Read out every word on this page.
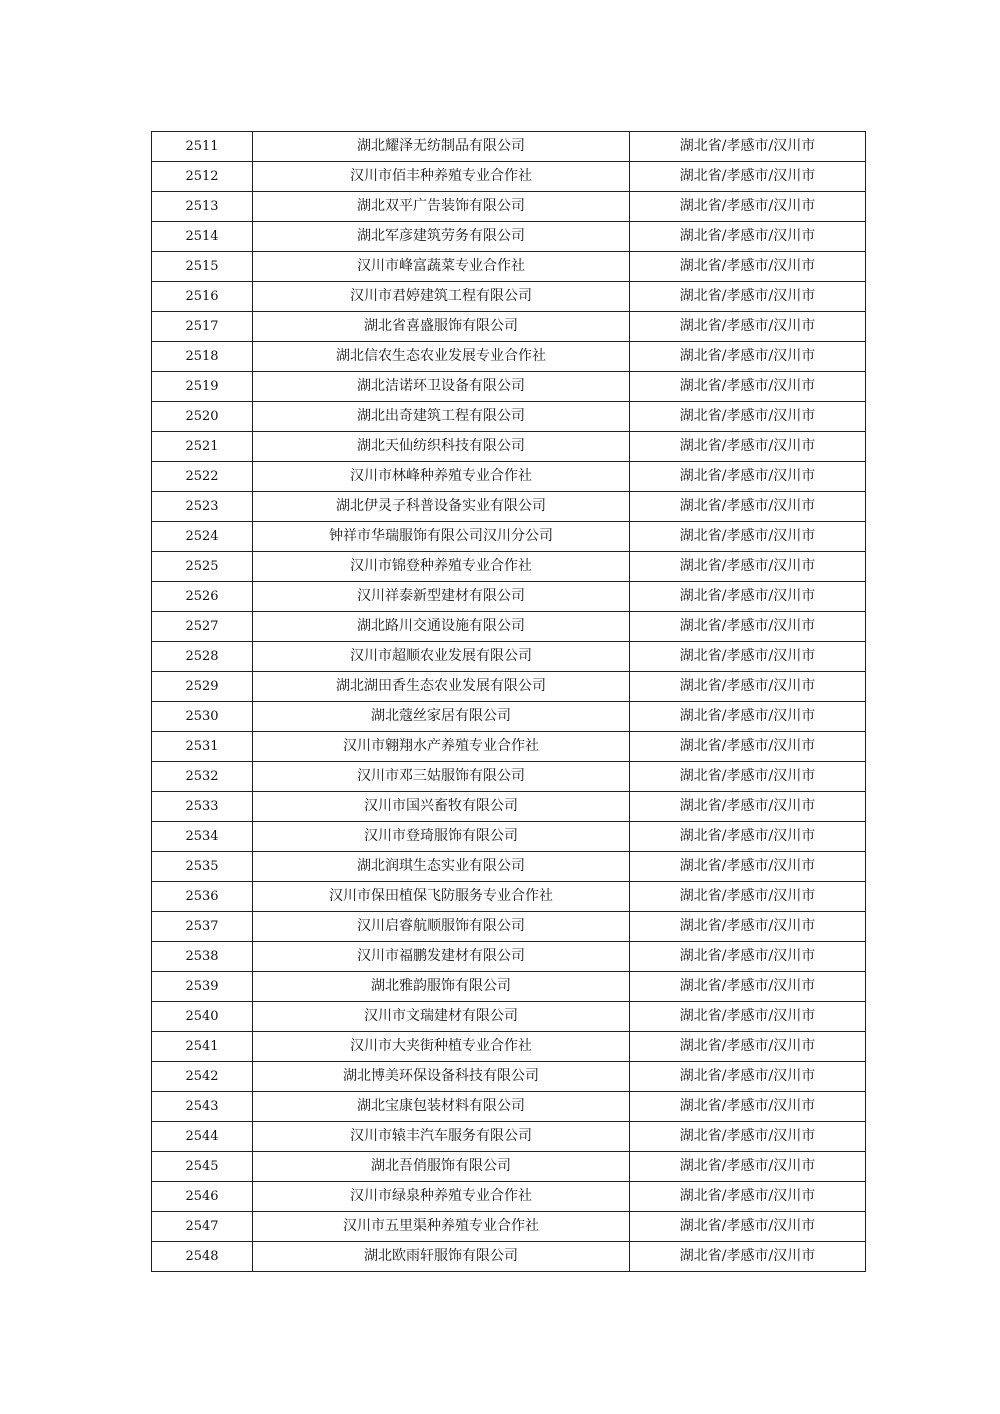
2511	湖北耀泽无纺制品有限公司	湖北省/孝感市/汉川市
2512	汉川市佰丰种养殖专业合作社	湖北省/孝感市/汉川市
2513	湖北双平广告装饰有限公司	湖北省/孝感市/汉川市
2514	湖北军彦建筑劳务有限公司	湖北省/孝感市/汉川市
2515	汉川市峰富蔬菜专业合作社	湖北省/孝感市/汉川市
2516	汉川市君婷建筑工程有限公司	湖北省/孝感市/汉川市
2517	湖北省喜盛服饰有限公司	湖北省/孝感市/汉川市
2518	湖北信农生态农业发展专业合作社	湖北省/孝感市/汉川市
2519	湖北洁诺环卫设备有限公司	湖北省/孝感市/汉川市
2520	湖北出奇建筑工程有限公司	湖北省/孝感市/汉川市
2521	湖北天仙纺织科技有限公司	湖北省/孝感市/汉川市
2522	汉川市林峰种养殖专业合作社	湖北省/孝感市/汉川市
2523	湖北伊灵子科普设备实业有限公司	湖北省/孝感市/汉川市
2524	钟祥市华瑞服饰有限公司汉川分公司	湖北省/孝感市/汉川市
2525	汉川市锦登种养殖专业合作社	湖北省/孝感市/汉川市
2526	汉川祥泰新型建材有限公司	湖北省/孝感市/汉川市
2527	湖北路川交通设施有限公司	湖北省/孝感市/汉川市
2528	汉川市超顺农业发展有限公司	湖北省/孝感市/汉川市
2529	湖北湖田香生态农业发展有限公司	湖北省/孝感市/汉川市
2530	湖北蔻丝家居有限公司	湖北省/孝感市/汉川市
2531	汉川市翱翔水产养殖专业合作社	湖北省/孝感市/汉川市
2532	汉川市邓三姑服饰有限公司	湖北省/孝感市/汉川市
2533	汉川市国兴畜牧有限公司	湖北省/孝感市/汉川市
2534	汉川市登琦服饰有限公司	湖北省/孝感市/汉川市
2535	湖北润琪生态实业有限公司	湖北省/孝感市/汉川市
2536	汉川市保田植保飞防服务专业合作社	湖北省/孝感市/汉川市
2537	汉川启睿航顺服饰有限公司	湖北省/孝感市/汉川市
2538	汉川市福鹏发建材有限公司	湖北省/孝感市/汉川市
2539	湖北雅韵服饰有限公司	湖北省/孝感市/汉川市
2540	汉川市文瑞建材有限公司	湖北省/孝感市/汉川市
2541	汉川市大夹街种植专业合作社	湖北省/孝感市/汉川市
2542	湖北博美环保设备科技有限公司	湖北省/孝感市/汉川市
2543	湖北宝康包装材料有限公司	湖北省/孝感市/汉川市
2544	汉川市辕丰汽车服务有限公司	湖北省/孝感市/汉川市
2545	湖北吾俏服饰有限公司	湖北省/孝感市/汉川市
2546	汉川市绿泉种养殖专业合作社	湖北省/孝感市/汉川市
2547	汉川市五里渠种养殖专业合作社	湖北省/孝感市/汉川市
2548	湖北欧雨轩服饰有限公司	湖北省/孝感市/汉川市
